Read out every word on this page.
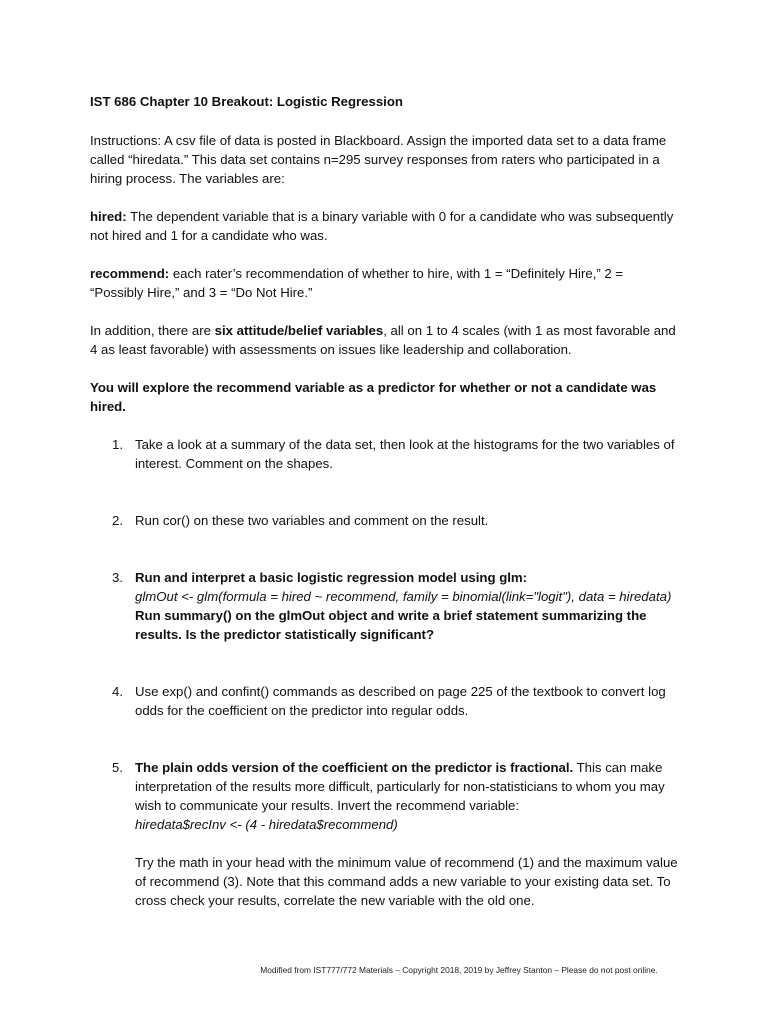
IST 686 Chapter 10 Breakout: Logistic Regression

Instructions: A csv file of data is posted in Blackboard. Assign the imported data set to a data frame called “hiredata.” This data set contains n=295 survey responses from raters who participated in a hiring process. The variables are:

hired: The dependent variable that is a binary variable with 0 for a candidate who was subsequently not hired and 1 for a candidate who was.

recommend: each rater’s recommendation of whether to hire, with 1 = “Definitely Hire,” 2 = “Possibly Hire,” and 3 = “Do Not Hire.”

In addition, there are six attitude/belief variables, all on 1 to 4 scales (with 1 as most favorable and 4 as least favorable) with assessments on issues like leadership and collaboration.

You will explore the recommend variable as a predictor for whether or not a candidate was hired.

1. Take a look at a summary of the data set, then look at the histograms for the two variables of interest. Comment on the shapes.
2. Run cor() on these two variables and comment on the result.
3. Run and interpret a basic logistic regression model using glm:
glmOut <- glm(formula = hired ~ recommend, family = binomial(link="logit"), data = hiredata)
Run summary() on the glmOut object and write a brief statement summarizing the results. Is the predictor statistically significant?
4. Use exp() and confint() commands as described on page 225 of the textbook to convert log odds for the coefficient on the predictor into regular odds.
5. The plain odds version of the coefficient on the predictor is fractional. This can make interpretation of the results more difficult, particularly for non-statisticians to whom you may wish to communicate your results. Invert the recommend variable:
hiredata$recInv <- (4 - hiredata$recommend)
Try the math in your head with the minimum value of recommend (1) and the maximum value of recommend (3). Note that this command adds a new variable to your existing data set. To cross check your results, correlate the new variable with the old one.
Modified from IST777/772 Materials – Copyright 2018, 2019 by Jeffrey Stanton – Please do not post online.
